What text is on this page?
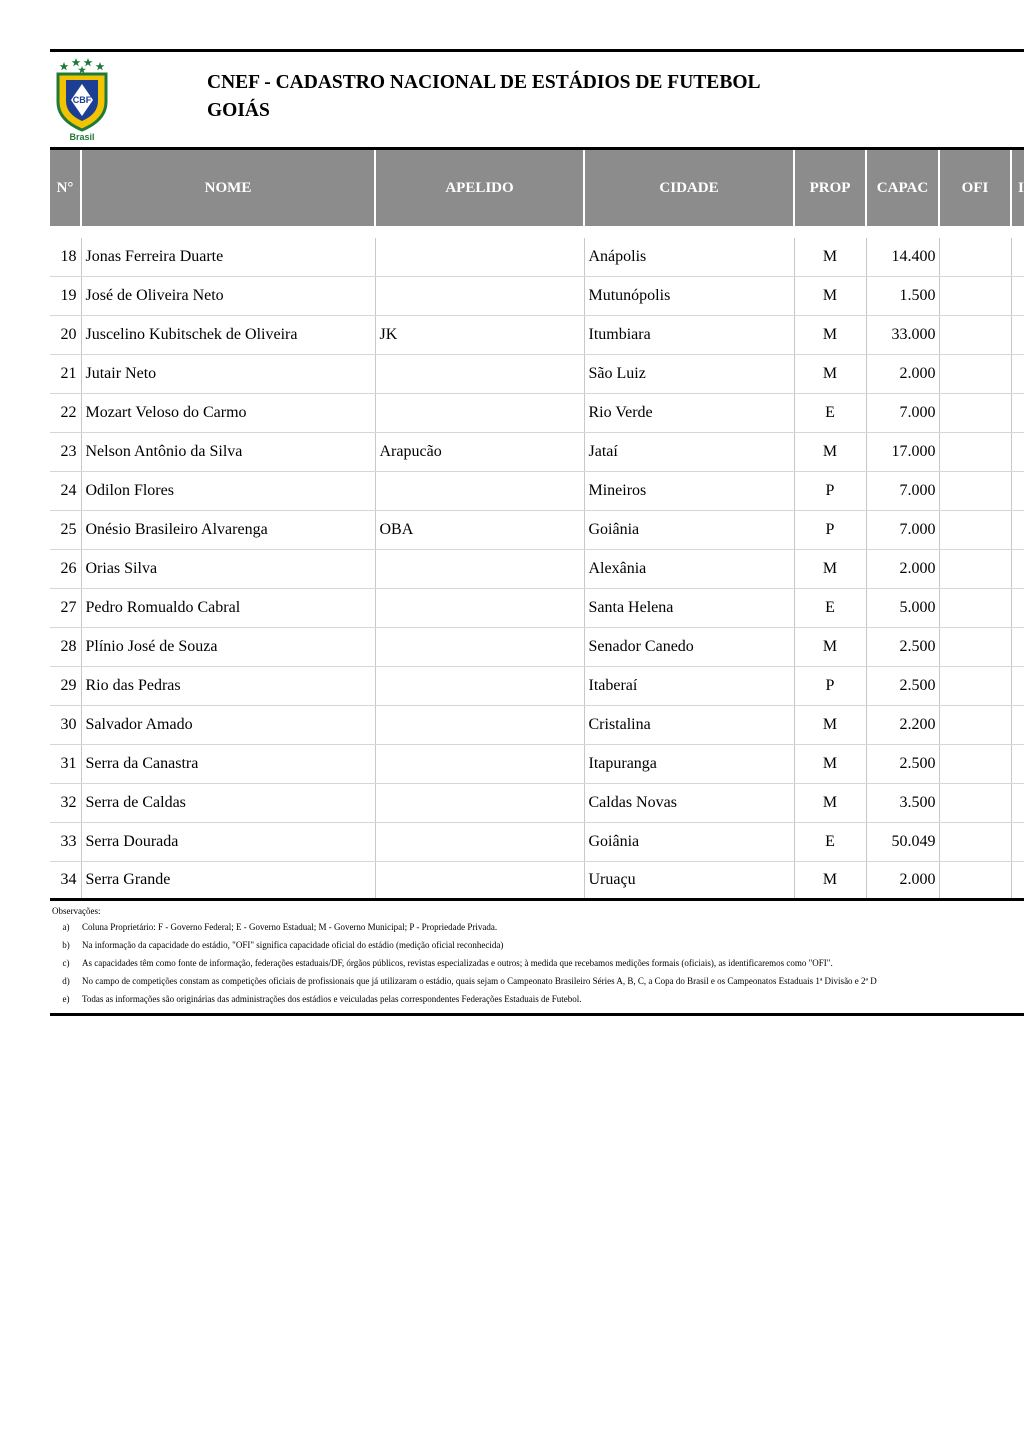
CBF
Brasil
CNEF - CADASTRO NACIONAL DE ESTÁDIOS DE FUTEBOL
GOIÁS
N°	NOME	APELIDO	CIDADE	PROP	CAPAC	OFI	I

18	Jonas Ferreira Duarte		Anápolis	M	14.400		
19	José de Oliveira Neto		Mutunópolis	M	1.500		
20	Juscelino Kubitschek de Oliveira	JK	Itumbiara	M	33.000		
21	Jutair Neto		São Luiz	M	2.000		
22	Mozart Veloso do Carmo		Rio Verde	E	7.000		
23	Nelson Antônio da Silva	Arapucão	Jataí	M	17.000		
24	Odilon Flores		Mineiros	P	7.000		
25	Onésio Brasileiro Alvarenga	OBA	Goiânia	P	7.000		
26	Orias Silva		Alexânia	M	2.000		
27	Pedro Romualdo Cabral		Santa Helena	E	5.000		
28	Plínio José de Souza		Senador Canedo	M	2.500		
29	Rio das Pedras		Itaberaí	P	2.500		
30	Salvador Amado		Cristalina	M	2.200		
31	Serra da Canastra		Itapuranga	M	2.500		
32	Serra de Caldas		Caldas Novas	M	3.500		
33	Serra Dourada		Goiânia	E	50.049		
34	Serra Grande		Uruaçu	M	2.000		
Observações:
a)	Coluna Proprietário: F - Governo Federal; E - Governo Estadual; M - Governo Municipal; P - Propriedade Privada.
b)	Na informação da capacidade do estádio, "OFI" significa capacidade oficial do estádio (medição oficial reconhecida)
c)	As capacidades têm como fonte de informação, federações estaduais/DF, órgãos públicos, revistas especializadas e outros; à medida que recebamos medições formais (oficiais), as identificaremos como "OFI".
d)	No campo de competições constam as competições oficiais de profissionais que já utilizaram o estádio, quais sejam o Campeonato Brasileiro Séries A, B, C, a Copa do Brasil e os Campeonatos Estaduais 1ª Divisão e 2ª D
e)	Todas as informações são originárias das administrações dos estádios e veiculadas pelas correspondentes Federações Estaduais de Futebol.
